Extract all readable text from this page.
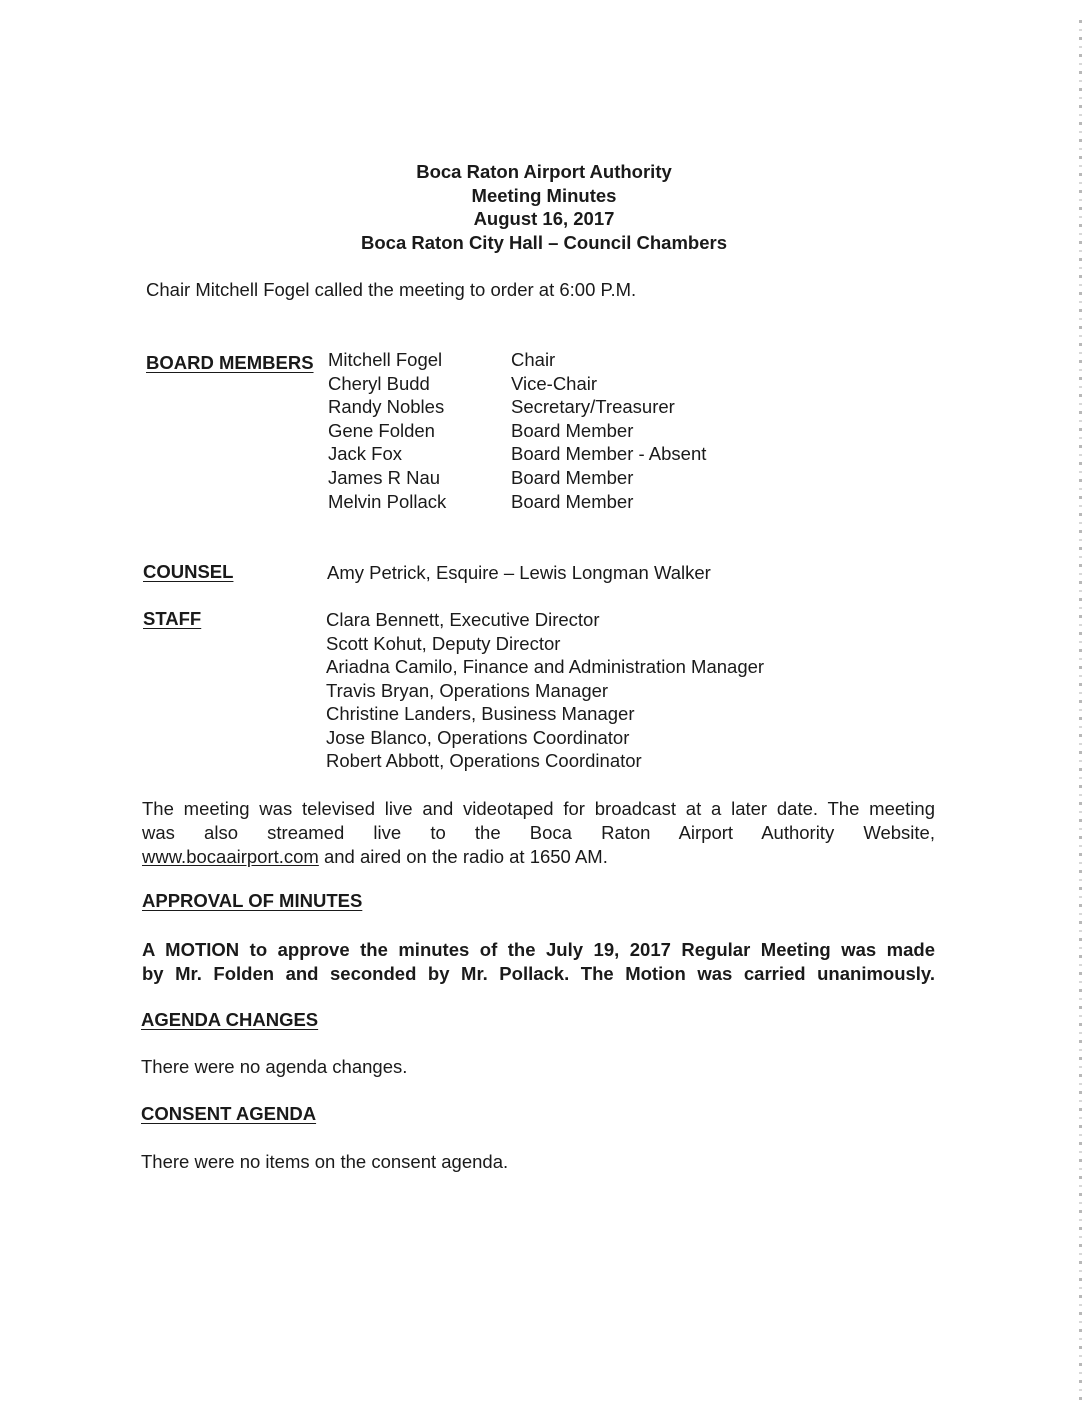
Boca Raton Airport Authority
Meeting Minutes
August 16, 2017
Boca Raton City Hall – Council Chambers
Chair Mitchell Fogel called the meeting to order at 6:00 P.M.
BOARD MEMBERS Mitchell Fogel	Chair
Cheryl Budd	Vice-Chair
Randy Nobles	Secretary/Treasurer
Gene Folden	Board Member
Jack Fox	Board Member - Absent
James R Nau	Board Member
Melvin Pollack	Board Member
COUNSEL	Amy Petrick, Esquire – Lewis Longman Walker
STAFF	Clara Bennett, Executive Director
Scott Kohut, Deputy Director
Ariadna Camilo, Finance and Administration Manager
Travis Bryan, Operations Manager
Christine Landers, Business Manager
Jose Blanco, Operations Coordinator
Robert Abbott, Operations Coordinator
The meeting was televised live and videotaped for broadcast at a later date. The meeting
was also streamed live to the Boca Raton Airport Authority Website,
www.bocaairport.com and aired on the radio at 1650 AM.
APPROVAL OF MINUTES
A MOTION to approve the minutes of the July 19, 2017 Regular Meeting was made
by Mr. Folden and seconded by Mr. Pollack. The Motion was carried unanimously.
AGENDA CHANGES
There were no agenda changes.
CONSENT AGENDA
There were no items on the consent agenda.
